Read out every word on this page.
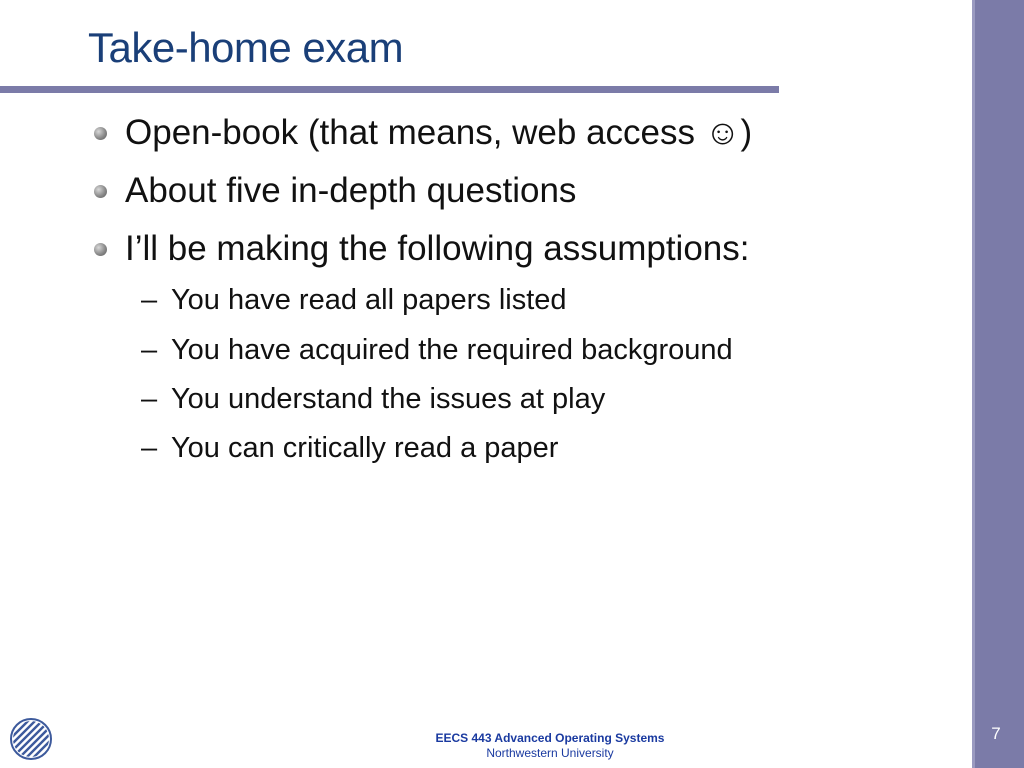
Take-home exam
Open-book (that means, web access ☺)
About five in-depth questions
I’ll be making the following assumptions:
– You have read all papers listed
– You have acquired the required background
– You understand the issues at play
– You can critically read a paper
EECS 443 Advanced Operating Systems
Northwestern University
7
